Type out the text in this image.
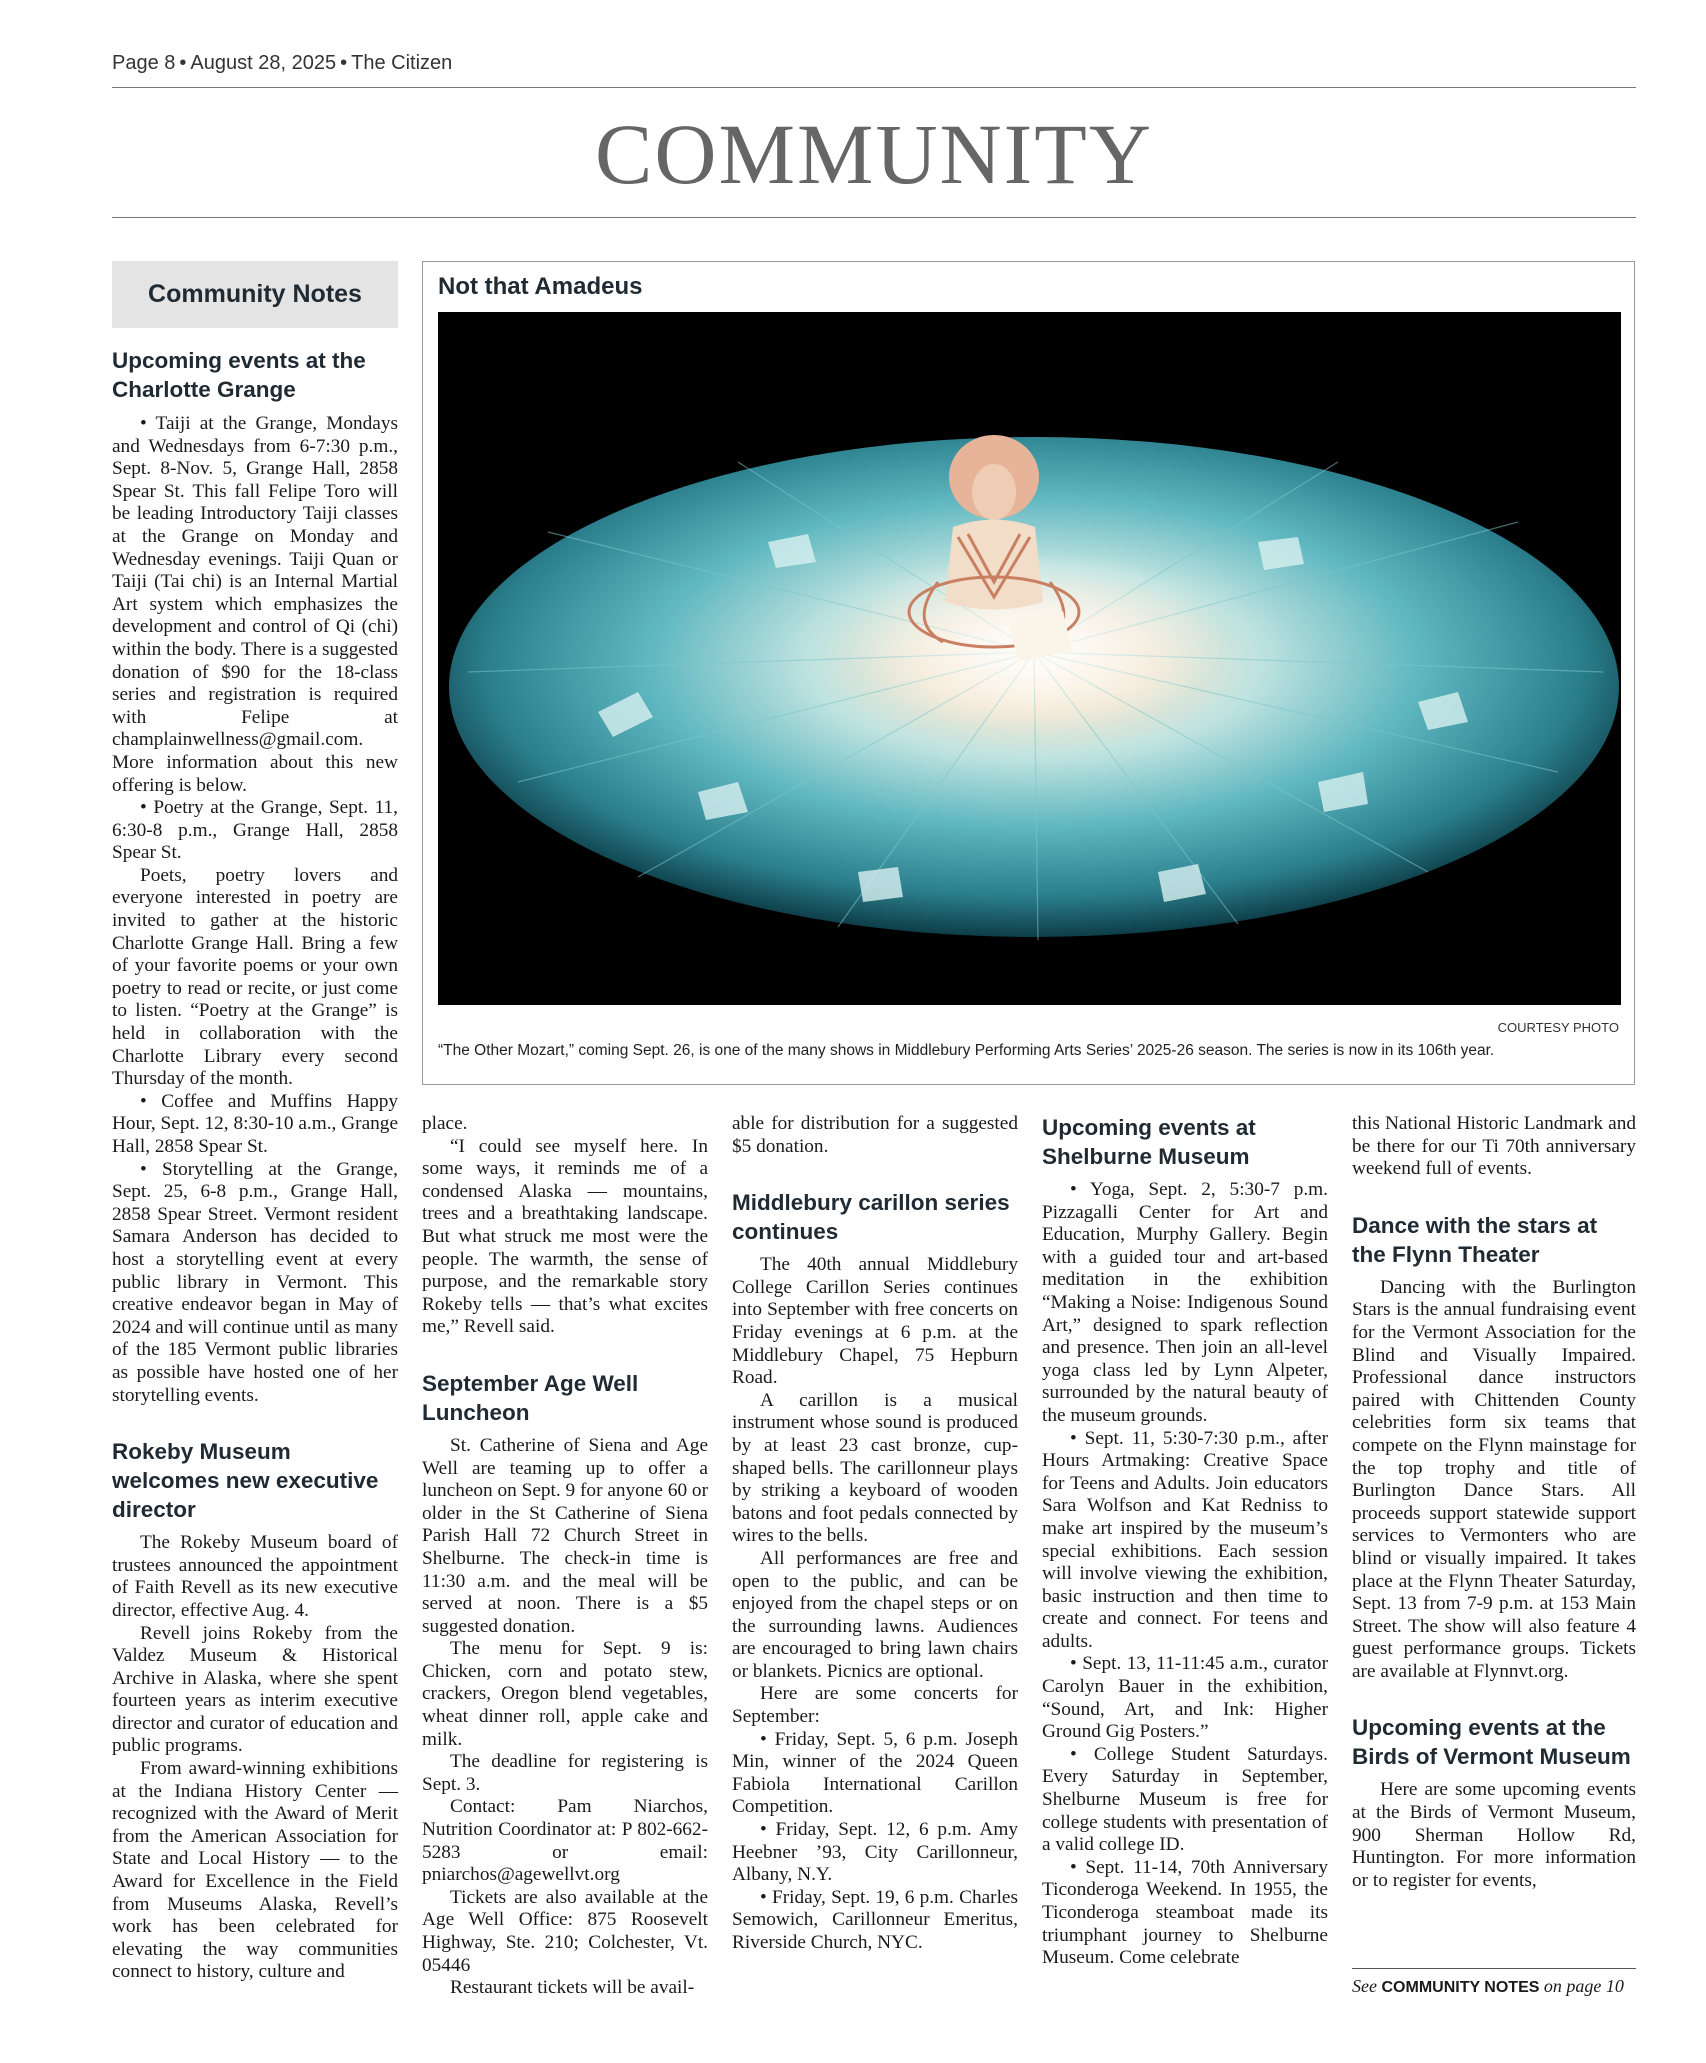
Page 8 • August 28, 2025 • The Citizen
COMMUNITY
Community Notes	Not that Amadeus
COURTESY PHOTO
“The Other Mozart,” coming Sept. 26, is one of the many shows in Middlebury Performing Arts Series’ 2025-26 season. The series is now in its 106th year.
Upcoming events at the Charlotte Grange

• Taiji at the Grange, Mondays and Wednesdays from 6-7:30 p.m., Sept. 8-Nov. 5, Grange Hall, 2858 Spear St. This fall Felipe Toro will be leading Introductory Taiji classes at the Grange on Monday and Wednesday evenings. Taiji Quan or Taiji (Tai chi) is an Internal Martial Art system which emphasizes the development and control of Qi (chi) within the body. There is a suggested donation of $90 for the 18-class series and registration is required with Felipe at champlainwellness@gmail.com. More information about this new offering is below.

• Poetry at the Grange, Sept. 11, 6:30-8 p.m., Grange Hall, 2858 Spear St.

Poets, poetry lovers and everyone interested in poetry are invited to gather at the historic Charlotte Grange Hall. Bring a few of your favorite poems or your own poetry to read or recite, or just come to listen. “Poetry at the Grange” is held in collaboration with the Charlotte Library every second Thursday of the month.

• Coffee and Muffins Happy Hour, Sept. 12, 8:30-10 a.m., Grange Hall, 2858 Spear St.

• Storytelling at the Grange, Sept. 25, 6-8 p.m., Grange Hall, 2858 Spear Street. Vermont resident Samara Anderson has decided to host a storytelling event at every public library in Vermont. This creative endeavor began in May of 2024 and will continue until as many of the 185 Vermont public libraries as possible have hosted one of her storytelling events.

Rokeby Museum welcomes new executive director

The Rokeby Museum board of trustees announced the appointment of Faith Revell as its new executive director, effective Aug. 4.

Revell joins Rokeby from the Valdez Museum & Historical Archive in Alaska, where she spent fourteen years as interim executive director and curator of education and public programs.

From award-winning exhibitions at the Indiana History Center — recognized with the Award of Merit from the American Association for State and Local History — to the Award for Excellence in the Field from Museums Alaska, Revell’s work has been celebrated for elevating the way communities connect to history, culture and

place.

“I could see myself here. In some ways, it reminds me of a condensed Alaska — mountains, trees and a breathtaking landscape. But what struck me most were the people. The warmth, the sense of purpose, and the remarkable story Rokeby tells — that’s what excites me,” Revell said.

September Age Well Luncheon

St. Catherine of Siena and Age Well are teaming up to offer a luncheon on Sept. 9 for anyone 60 or older in the St Catherine of Siena Parish Hall 72 Church Street in Shelburne. The check-in time is 11:30 a.m. and the meal will be served at noon. There is a $5 suggested donation.

The menu for Sept. 9 is: Chicken, corn and potato stew, crackers, Oregon blend vegetables, wheat dinner roll, apple cake and milk.

The deadline for registering is Sept. 3.

Contact: Pam Niarchos, Nutrition Coordinator at: P 802-662-5283 or email: pniarchos@agewellvt.org

Tickets are also available at the Age Well Office: 875 Roosevelt Highway, Ste. 210; Colchester, Vt. 05446

Restaurant tickets will be avail-

able for distribution for a suggested $5 donation.

Middlebury carillon series continues

The 40th annual Middlebury College Carillon Series continues into September with free concerts on Friday evenings at 6 p.m. at the Middlebury Chapel, 75 Hepburn Road.

A carillon is a musical instrument whose sound is produced by at least 23 cast bronze, cup-shaped bells. The carillonneur plays by striking a keyboard of wooden batons and foot pedals connected by wires to the bells.

All performances are free and open to the public, and can be enjoyed from the chapel steps or on the surrounding lawns. Audiences are encouraged to bring lawn chairs or blankets. Picnics are optional.

Here are some concerts for September:

• Friday, Sept. 5, 6 p.m. Joseph Min, winner of the 2024 Queen Fabiola International Carillon Competition.

• Friday, Sept. 12, 6 p.m. Amy Heebner ’93, City Carillonneur, Albany, N.Y.

• Friday, Sept. 19, 6 p.m. Charles Semowich, Carillonneur Emeritus, Riverside Church, NYC.

Upcoming events at Shelburne Museum

• Yoga, Sept. 2, 5:30-7 p.m. Pizzagalli Center for Art and Education, Murphy Gallery. Begin with a guided tour and art-based meditation in the exhibition “Making a Noise: Indigenous Sound Art,” designed to spark reflection and presence. Then join an all-level yoga class led by Lynn Alpeter, surrounded by the natural beauty of the museum grounds.

• Sept. 11, 5:30-7:30 p.m., after Hours Artmaking: Creative Space for Teens and Adults. Join educators Sara Wolfson and Kat Redniss to make art inspired by the museum’s special exhibitions. Each session will involve viewing the exhibition, basic instruction and then time to create and connect. For teens and adults.

• Sept. 13, 11-11:45 a.m., curator Carolyn Bauer in the exhibition, “Sound, Art, and Ink: Higher Ground Gig Posters.”

• College Student Saturdays. Every Saturday in September, Shelburne Museum is free for college students with presentation of a valid college ID.

• Sept. 11-14, 70th Anniversary Ticonderoga Weekend. In 1955, the Ticonderoga steamboat made its triumphant journey to Shelburne Museum. Come celebrate

this National Historic Landmark and be there for our Ti 70th anniversary weekend full of events.

Dance with the stars at the Flynn Theater

Dancing with the Burlington Stars is the annual fundraising event for the Vermont Association for the Blind and Visually Impaired. Professional dance instructors paired with Chittenden County celebrities form six teams that compete on the Flynn mainstage for the top trophy and title of Burlington Dance Stars. All proceeds support statewide support services to Vermonters who are blind or visually impaired. It takes place at the Flynn Theater Saturday, Sept. 13 from 7-9 p.m. at 153 Main Street. The show will also feature 4 guest performance groups. Tickets are available at Flynnvt.org.

Upcoming events at the Birds of Vermont Museum

Here are some upcoming events at the Birds of Vermont Museum, 900 Sherman Hollow Rd, Huntington. For more information or to register for events,

See COMMUNITY NOTES on page 10
